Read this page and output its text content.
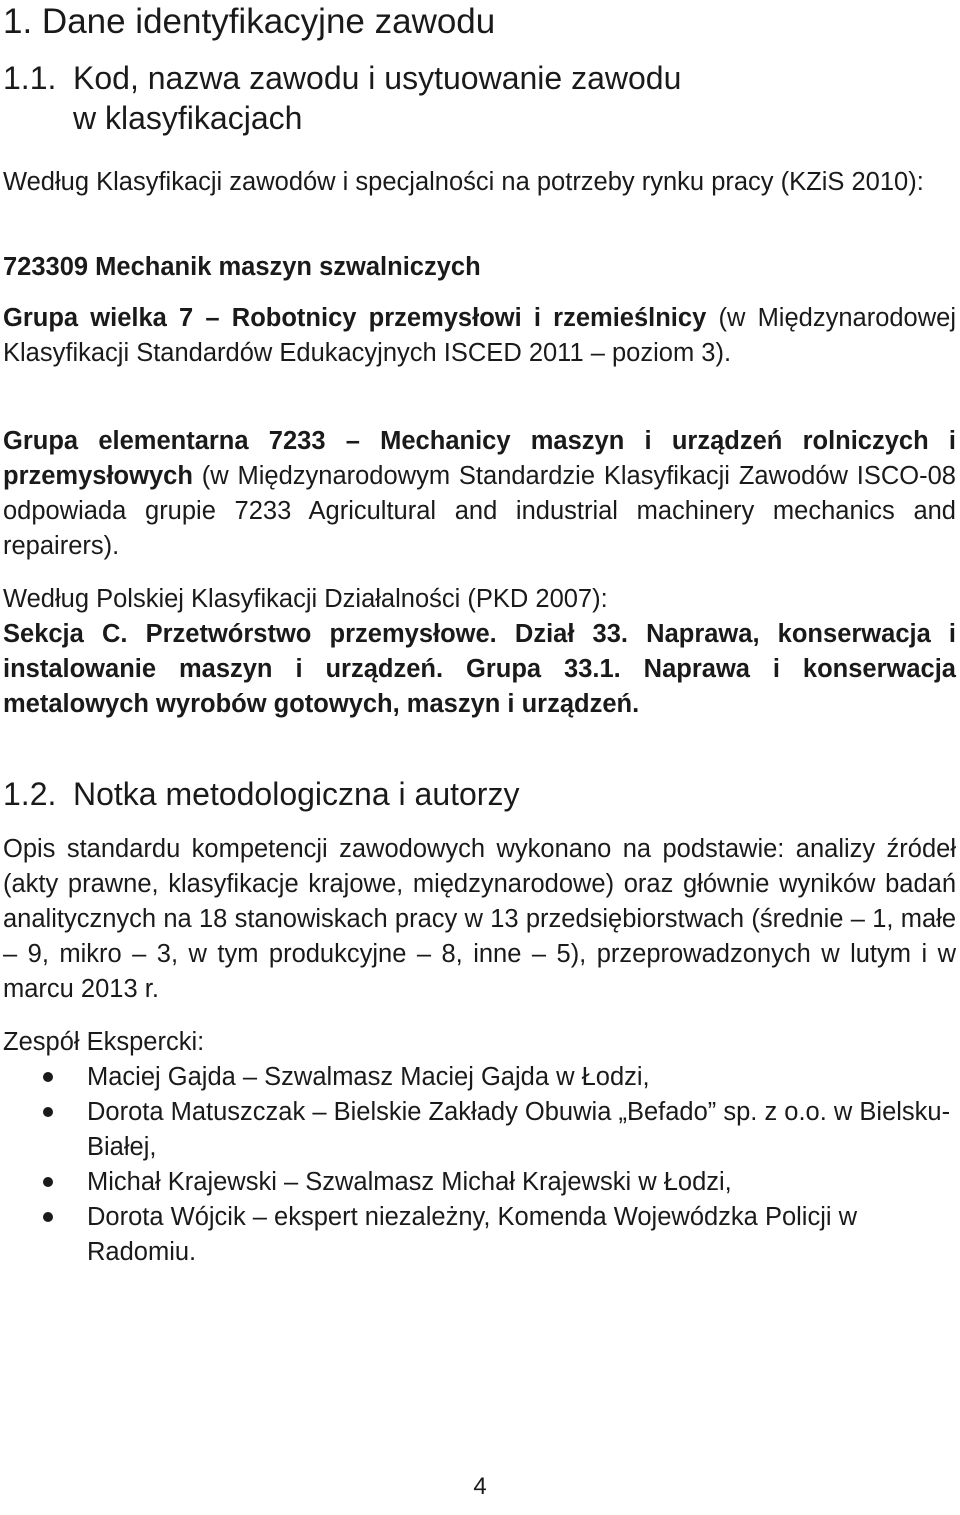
1. Dane identyfikacyjne zawodu
1.1. Kod, nazwa zawodu i usytuowanie zawodu
w klasyfikacjach

Według Klasyfikacji zawodów i specjalności na potrzeby rynku pracy (KZiS 2010):

723309 Mechanik maszyn szwalniczych

Grupa wielka 7 – Robotnicy przemysłowi i rzemieślnicy (w Międzynarodowej Klasyfikacji Standardów Edukacyjnych ISCED 2011 – poziom 3).

Grupa elementarna 7233 – Mechanicy maszyn i urządzeń rolniczych i przemysłowych (w Międzynarodowym Standardzie Klasyfikacji Zawodów ISCO-08 odpowiada grupie 7233 Agricultural and industrial machinery mechanics and repairers).

Według Polskiej Klasyfikacji Działalności (PKD 2007):

Sekcja C. Przetwórstwo przemysłowe. Dział 33. Naprawa, konserwacja i instalowanie maszyn i urządzeń. Grupa 33.1. Naprawa i konserwacja metalowych wyrobów gotowych, maszyn i urządzeń.

1.2. Notka metodologiczna i autorzy

Opis standardu kompetencji zawodowych wykonano na podstawie: analizy źródeł (akty prawne, klasyfikacje krajowe, międzynarodowe) oraz głównie wyników badań analitycznych na 18 stanowiskach pracy w 13 przedsiębiorstwach (średnie – 1, małe – 9, mikro – 3, w tym produkcyjne – 8, inne – 5), przeprowadzonych w lutym i w marcu 2013 r.

Zespół Ekspercki:

Maciej Gajda – Szwalmasz Maciej Gajda w Łodzi,
Dorota Matuszczak – Bielskie Zakłady Obuwia „Befado” sp. z o.o. w Bielsku-Białej,
Michał Krajewski – Szwalmasz Michał Krajewski w Łodzi,
Dorota Wójcik – ekspert niezależny, Komenda Wojewódzka Policji w Radomiu.
4
